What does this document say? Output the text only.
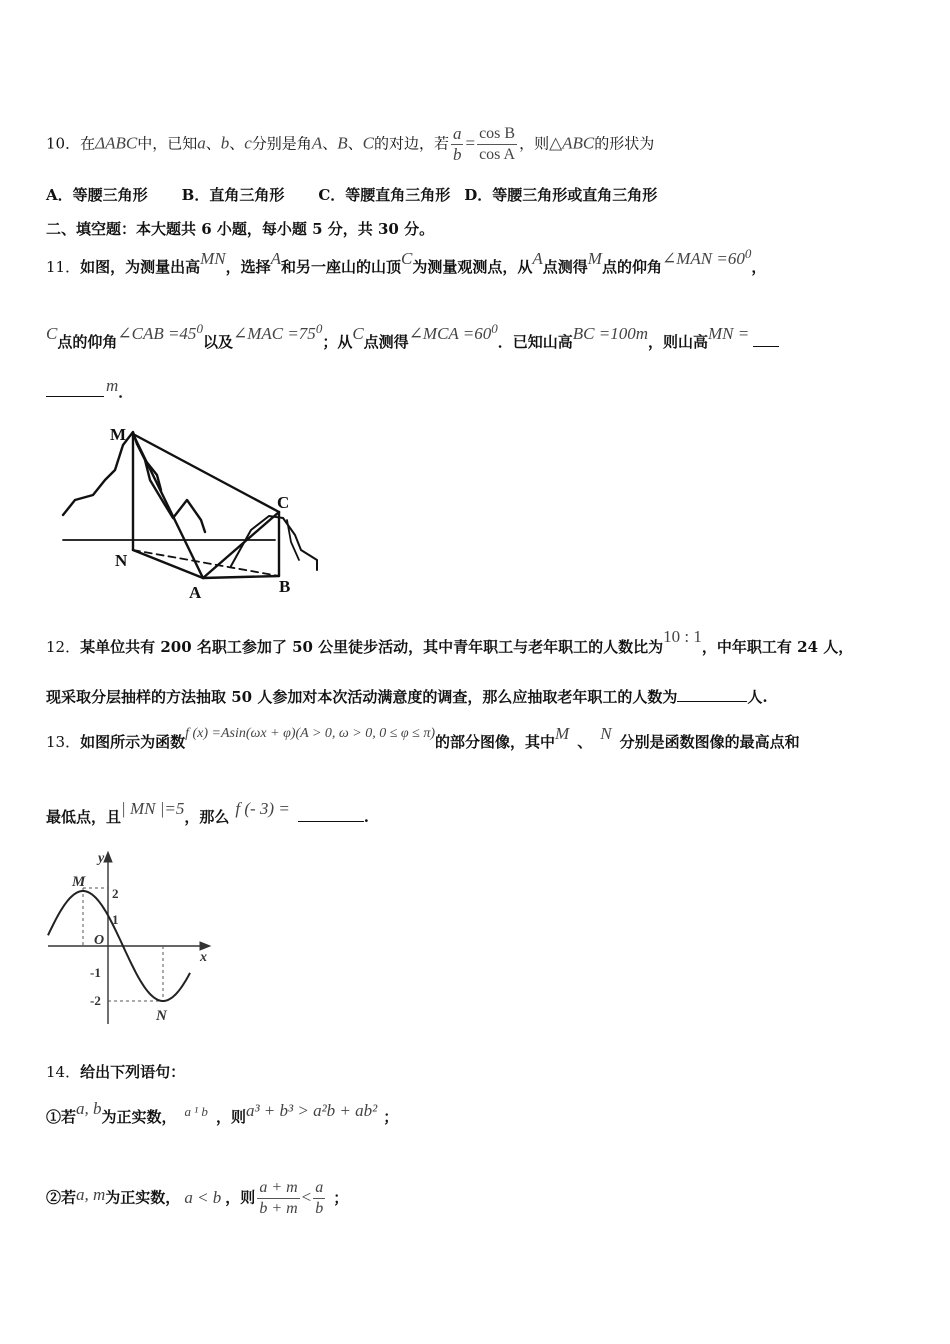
10．在ΔABC中，已知a、b、c分别是角A、B、C的对边，若 $\frac{a}{b} = \frac{\text{cos B}}{\text{cos A}}$ ，则△ABC的形状为
A．等腰三角形 B．直角三角形 C．等腰直角三角形 D．等腰三角形或直角三角形
二、填空题：本大题共 6 小题，每小题 5 分，共 30 分。
11．如图，为测量出高MN，选择A和另一座山的山顶C为测量观测点，从A点测得M点的仰角∠MAN $=60^0$，
C点的仰角∠CAB $=45^0$以及∠MAC $=75^0$；从C点测得∠MCA $=60^0$．已知山高BC =100m，则山高MN =
m．
M
C
N
A	B
12．某单位共有 200 名职工参加了 50 公里徒步活动，其中青年职工与老年职工的人数比为10 : 1，中年职工有 24 人，
现采取分层抽样的方法抽取 50 人参加对本次活动满意度的调查，那么应抽取老年职工的人数为	人.
13．如图所示为函数f (x) =Asin(ωx + φ)(A > 0, ω > 0, 0 ≤ φ ≤ π)的部分图像，其中M 、 N 分别是函数图像的最高点和
最低点，且| MN |=5，那么 f (- 3) =	.
y
x
O
M
N
2
1
-1
-2
14．给出下列语句：
①若a, b为正实数， a ¹ b ，则a³ + b³ > a²b + ab² ；
②若a, m为正实数， a < b ，则 $\frac{a + m}{b + m} < \frac{a}{b}$ ；
